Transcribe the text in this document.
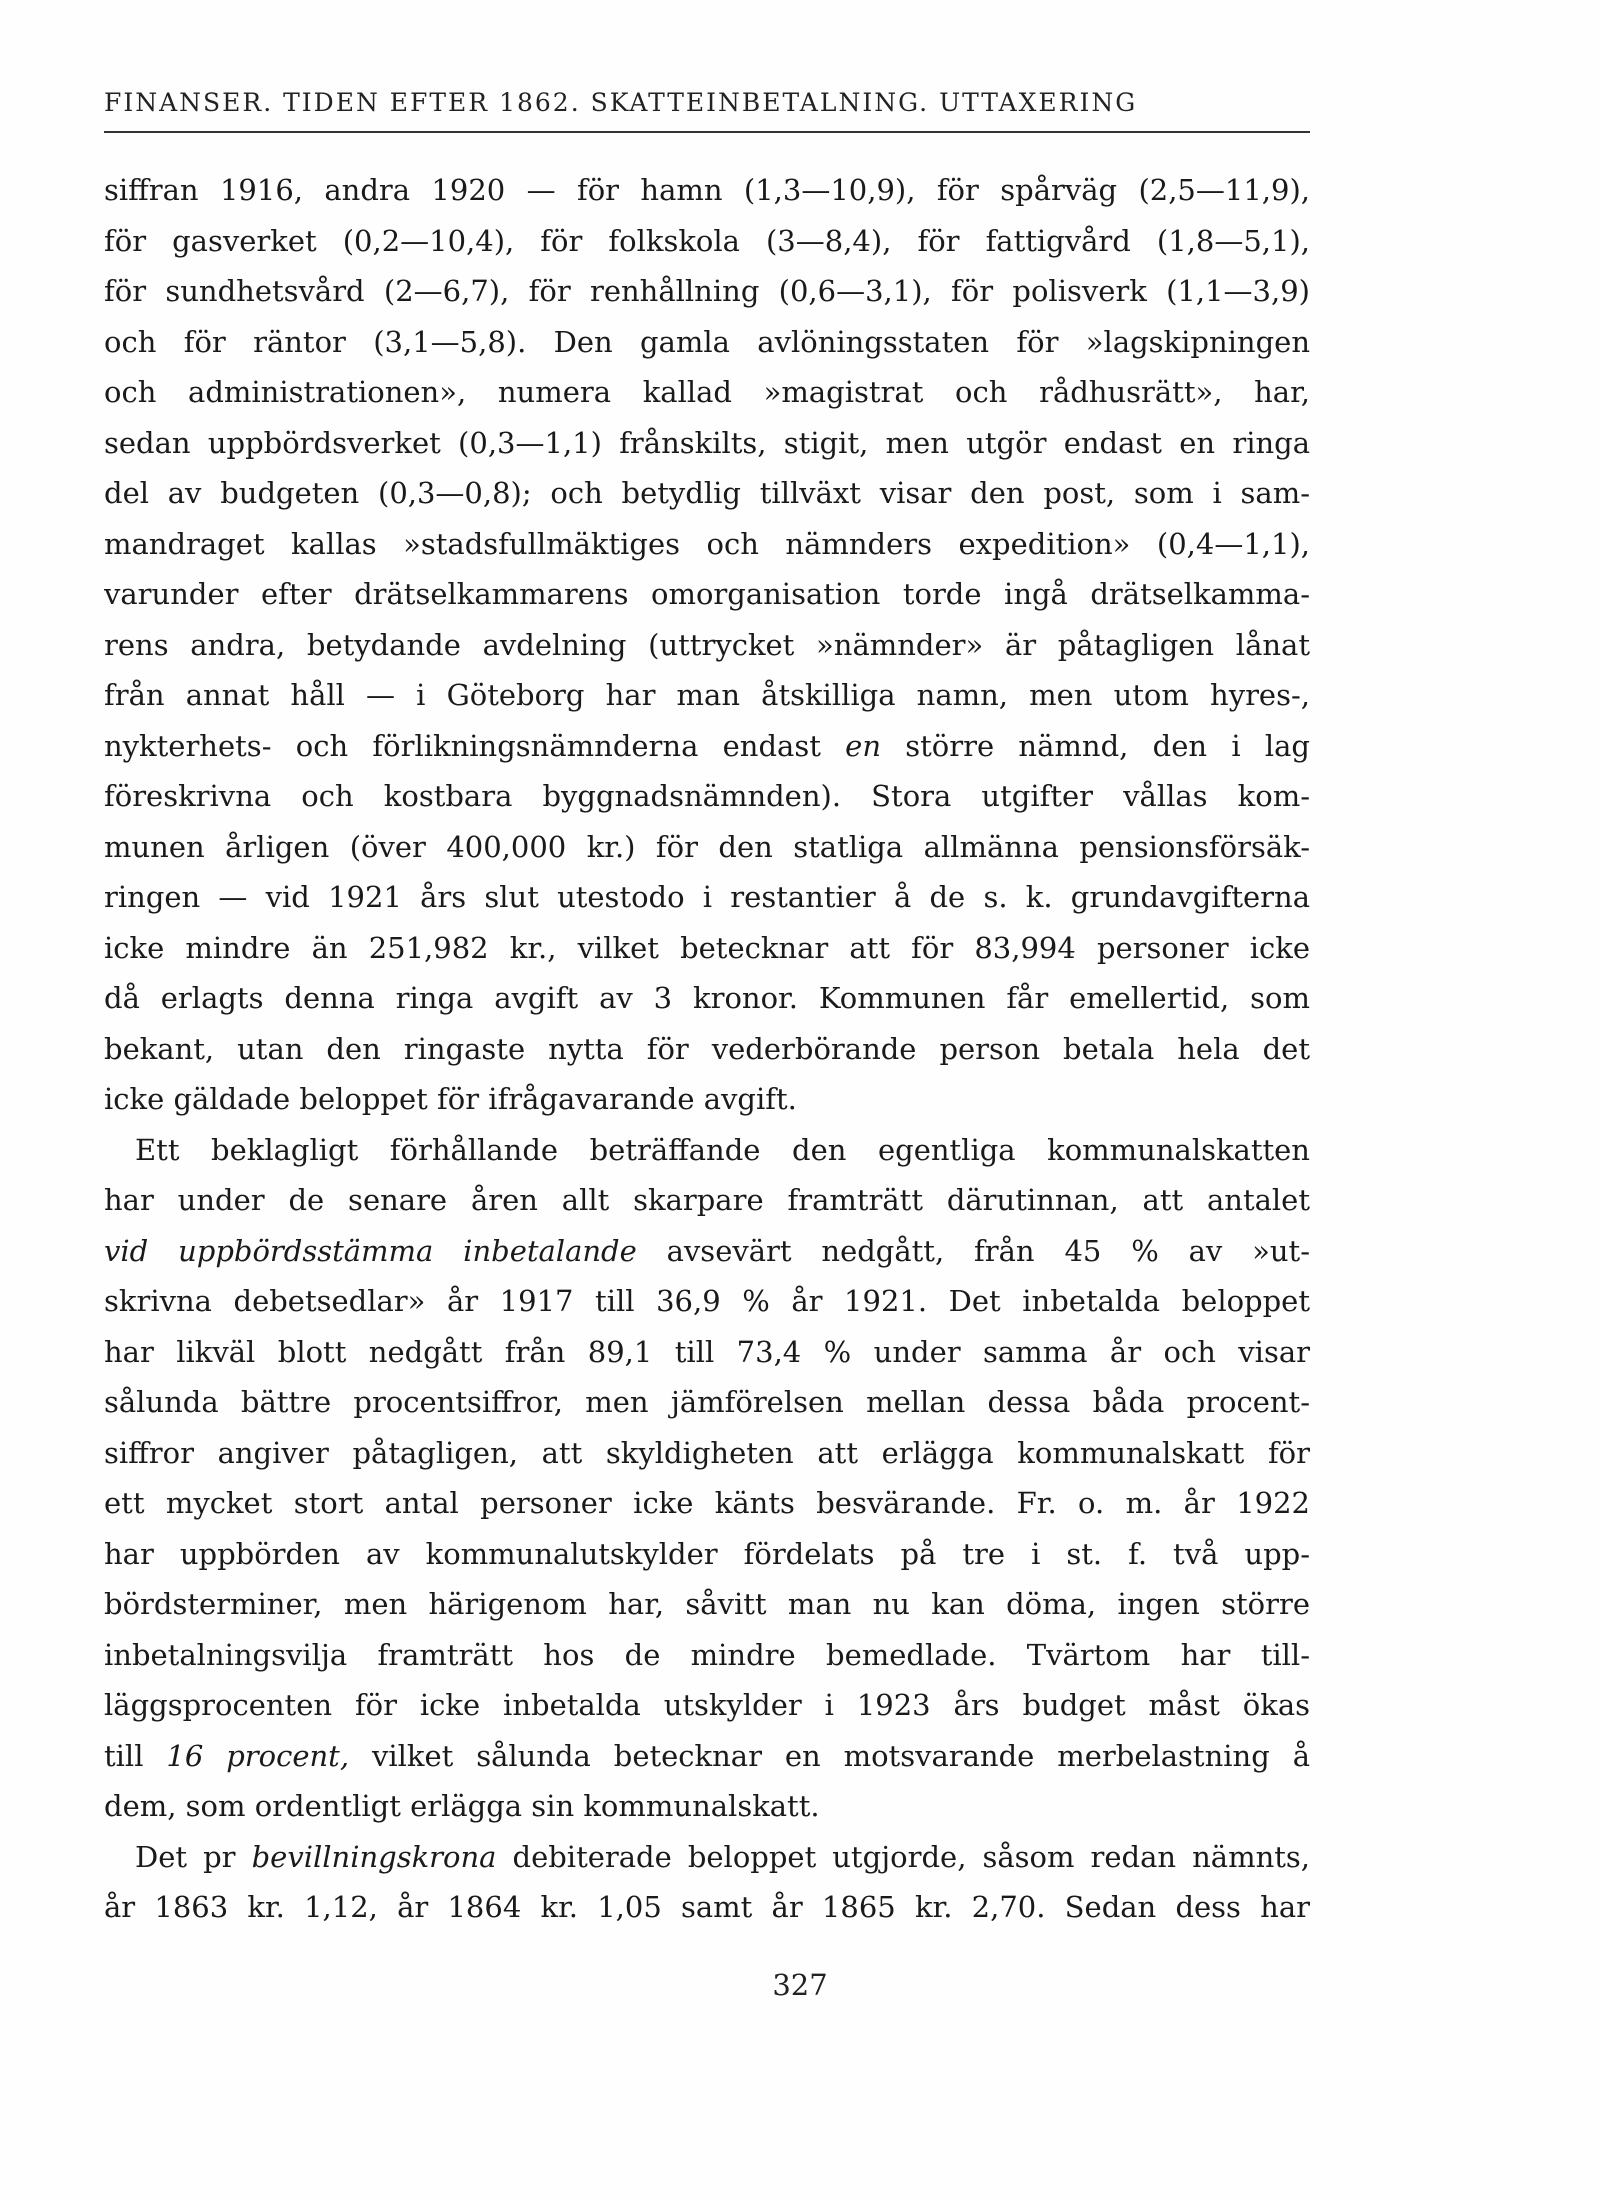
FINANSER. TIDEN EFTER 1862. SKATTEINBETALNING. UTTAXERING
siffran 1916, andra 1920 — för hamn (1,3—10,9), för spårväg (2,5—11,9),
för gasverket (0,2—10,4), för folkskola (3—8,4), för fattigvård (1,8—5,1),
för sundhetsvård (2—6,7), för renhållning (0,6—3,1), för polisverk (1,1—3,9)
och för räntor (3,1—5,8). Den gamla avlöningsstaten för »lagskipningen
och administrationen», numera kallad »magistrat och rådhusrätt», har,
sedan uppbördsverket (0,3—1,1) frånskilts, stigit, men utgör endast en ringa
del av budgeten (0,3—0,8); och betydlig tillväxt visar den post, som i sam-
mandraget kallas »stadsfullmäktiges och nämnders expedition» (0,4—1,1),
varunder efter drätselkammarens omorganisation torde ingå drätselkamma-
rens andra, betydande avdelning (uttrycket »nämnder» är påtagligen lånat
från annat håll — i Göteborg har man åtskilliga namn, men utom hyres-,
nykterhets- och förlikningsnämnderna endast en större nämnd, den i lag
föreskrivna och kostbara byggnadsnämnden). Stora utgifter vållas kom-
munen årligen (över 400,000 kr.) för den statliga allmänna pensionsförsäk-
ringen — vid 1921 års slut utestodo i restantier å de s. k. grundavgifterna
icke mindre än 251,982 kr., vilket betecknar att för 83,994 personer icke
då erlagts denna ringa avgift av 3 kronor. Kommunen får emellertid, som
bekant, utan den ringaste nytta för vederbörande person betala hela det
icke gäldade beloppet för ifrågavarande avgift.
Ett beklagligt förhållande beträffande den egentliga kommunalskatten
har under de senare åren allt skarpare framträtt därutinnan, att antalet
vid uppbördsstämma inbetalande avsevärt nedgått, från 45 % av »ut-
skrivna debetsedlar» år 1917 till 36,9 % år 1921. Det inbetalda beloppet
har likväl blott nedgått från 89,1 till 73,4 % under samma år och visar
sålunda bättre procentsiffror, men jämförelsen mellan dessa båda procent-
siffror angiver påtagligen, att skyldigheten att erlägga kommunalskatt för
ett mycket stort antal personer icke känts besvärande. Fr. o. m. år 1922
har uppbörden av kommunalutskylder fördelats på tre i st. f. två upp-
bördsterminer, men härigenom har, såvitt man nu kan döma, ingen större
inbetalningsvilja framträtt hos de mindre bemedlade. Tvärtom har till-
läggsprocenten för icke inbetalda utskylder i 1923 års budget måst ökas
till 16 procent, vilket sålunda betecknar en motsvarande merbelastning å
dem, som ordentligt erlägga sin kommunalskatt.
Det pr bevillningskrona debiterade beloppet utgjorde, såsom redan nämnts,
år 1863 kr. 1,12, år 1864 kr. 1,05 samt år 1865 kr. 2,70. Sedan dess har
327
